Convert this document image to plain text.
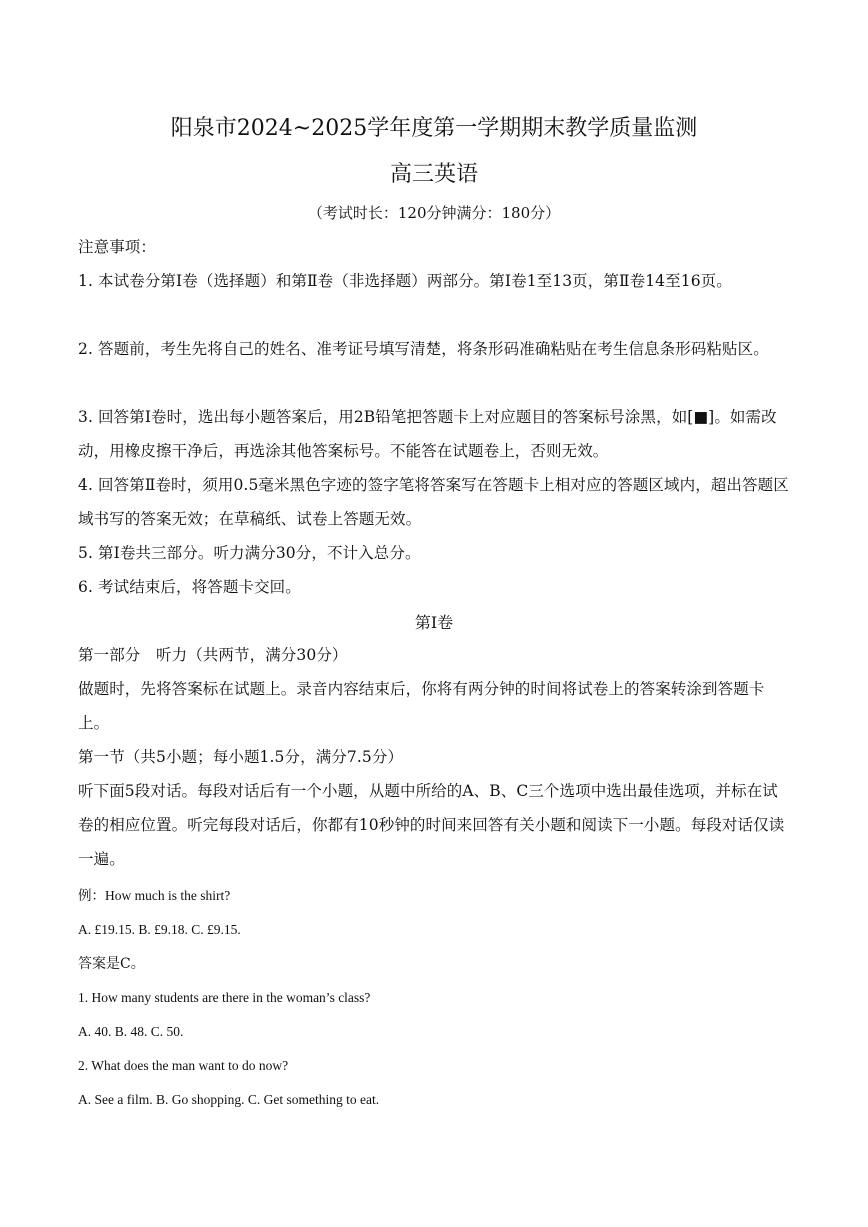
阳泉市2024~2025学年度第一学期期末教学质量监测
高三英语
（考试时长：120分钟满分：180分）
注意事项：
1. 本试卷分第Ⅰ卷（选择题）和第Ⅱ卷（非选择题）两部分。第Ⅰ卷1至13页，第Ⅱ卷14至16页。
2. 答题前，考生先将自己的姓名、准考证号填写清楚，将条形码准确粘贴在考生信息条形码粘贴区。
3. 回答第Ⅰ卷时，选出每小题答案后，用2B铅笔把答题卡上对应题目的答案标号涂黑，如[■]。如需改动，用橡皮擦干净后，再选涂其他答案标号。不能答在试题卷上，否则无效。
4. 回答第Ⅱ卷时，须用0.5毫米黑色字迹的签字笔将答案写在答题卡上相对应的答题区域内，超出答题区域书写的答案无效；在草稿纸、试卷上答题无效。
5. 第Ⅰ卷共三部分。听力满分30分，不计入总分。
6. 考试结束后，将答题卡交回。
第Ⅰ卷
第一部分　听力（共两节，满分30分）
做题时，先将答案标在试题上。录音内容结束后，你将有两分钟的时间将试卷上的答案转涂到答题卡上。
第一节（共5小题；每小题1.5分，满分7.5分）
听下面5段对话。每段对话后有一个小题，从题中所给的A、B、C三个选项中选出最佳选项，并标在试卷的相应位置。听完每段对话后，你都有10秒钟的时间来回答有关小题和阅读下一小题。每段对话仅读一遍。
例：How much is the shirt?
A. £19.15. B. £9.18. C. £9.15.
答案是C。
1. How many students are there in the woman’s class?
A. 40. B. 48. C. 50.
2. What does the man want to do now?
A. See a film. B. Go shopping. C. Get something to eat.
